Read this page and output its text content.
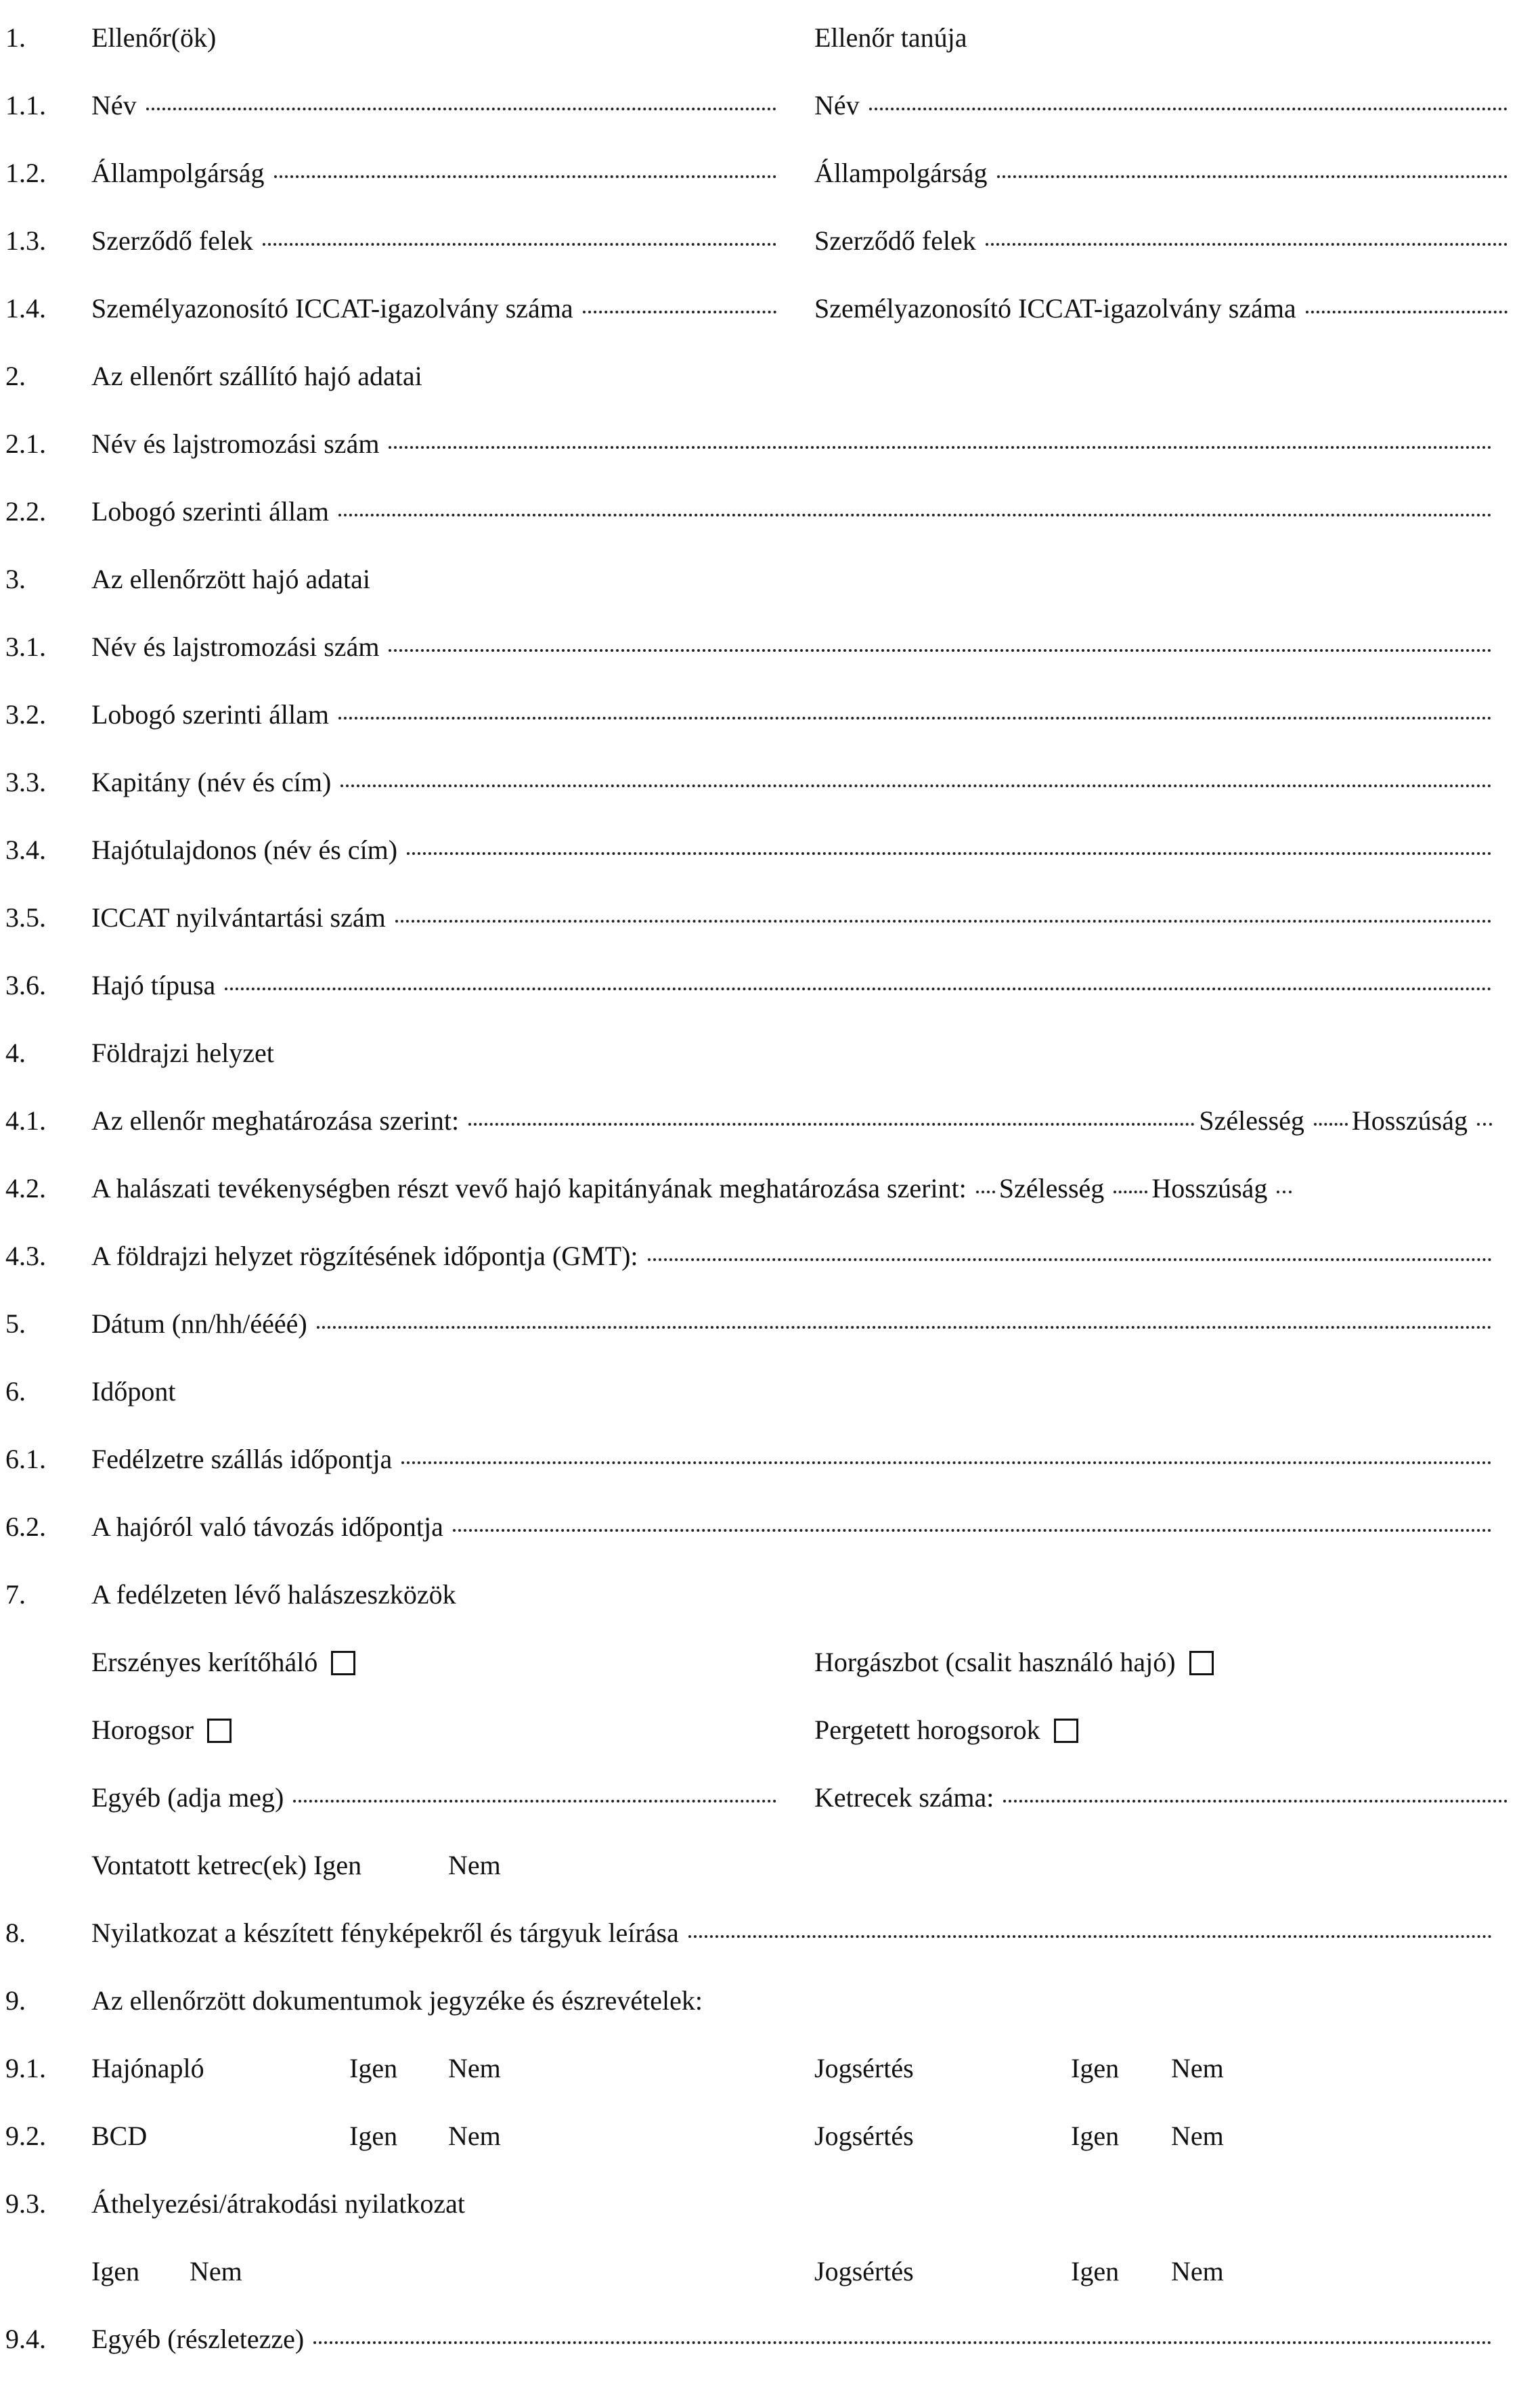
1. Ellenőr(ök)	Ellenőr tanúja
1.1. Név	Név
1.2. Állampolgárság	Állampolgárság
1.3. Szerződő felek	Szerződő felek
1.4. Személyazonosító ICCAT-igazolvány száma	Személyazonosító ICCAT-igazolvány száma
2. Az ellenőrt szállító hajó adatai
2.1. Név és lajstromozási szám
2.2. Lobogó szerinti állam
3. Az ellenőrzött hajó adatai
3.1. Név és lajstromozási szám
3.2. Lobogó szerinti állam
3.3. Kapitány (név és cím)
3.4. Hajótulajdonos (név és cím)
3.5. ICCAT nyilvántartási szám
3.6. Hajó típusa
4. Földrajzi helyzet
4.1. Az ellenőr meghatározása szerint:	Szélesség Hosszúság
4.2. A halászati tevékenységben részt vevő hajó kapitányának meghatározása szerint: Szélesség Hosszúság
4.3. A földrajzi helyzet rögzítésének időpontja (GMT):
5. Dátum (nn/hh/éééé)
6. Időpont
6.1. Fedélzetre szállás időpontja
6.2. A hajóról való távozás időpontja
7. A fedélzeten lévő halászeszközök
Erszényes kerítőháló	Horgászbot (csalit használó hajó)
Horogsor	Pergetett horogsorok
Egyéb (adja meg)	Ketrecek száma:
Vontatott ketrec(ek) Igen	Nem
8. Nyilatkozat a készített fényképekről és tárgyuk leírása
9. Az ellenőrzött dokumentumok jegyzéke és észrevételek:
9.1. Hajónapló	Igen Nem	Jogsértés	Igen Nem
9.2. BCD	Igen Nem	Jogsértés	Igen Nem
9.3. Áthelyezési/átrakodási nyilatkozat
Igen Nem	Jogsértés	Igen Nem
9.4. Egyéb (részletezze)
